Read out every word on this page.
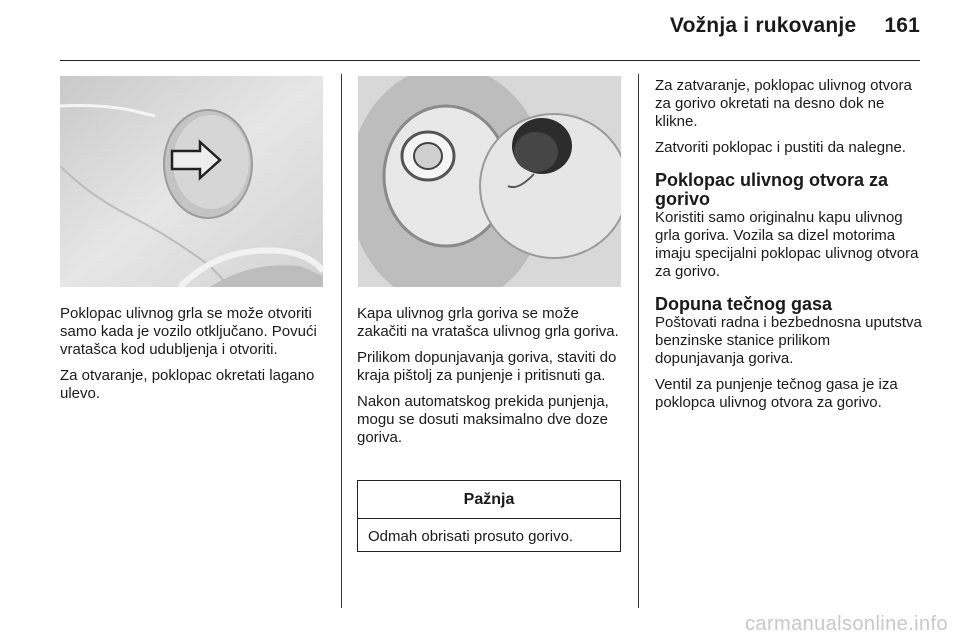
Vožnja i rukovanje 161

Poklopac ulivnog grla se može otvoriti samo kada je vozilo otključano. Povući vratašca kod udubljenja i otvoriti.

Za otvaranje, poklopac okretati lagano ulevo.

Kapa ulivnog grla goriva se može zakačiti na vratašca ulivnog grla goriva.

Prilikom dopunjavanja goriva, staviti do kraja pištolj za punjenje i pritisnuti ga.

Nakon automatskog prekida punjenja, mogu se dosuti maksimalno dve doze goriva.

Pažnja
Odmah obrisati prosuto gorivo.

Za zatvaranje, poklopac ulivnog otvora za gorivo okretati na desno dok ne klikne.

Zatvoriti poklopac i pustiti da nalegne.

Poklopac ulivnog otvora za gorivo

Koristiti samo originalnu kapu ulivnog grla goriva. Vozila sa dizel motorima imaju specijalni poklopac ulivnog otvora za gorivo.

Dopuna tečnog gasa

Poštovati radna i bezbednosna uputstva benzinske stanice prilikom dopunjavanja goriva.

Ventil za punjenje tečnog gasa je iza poklopca ulivnog otvora za gorivo.

carmanualsonline.info
